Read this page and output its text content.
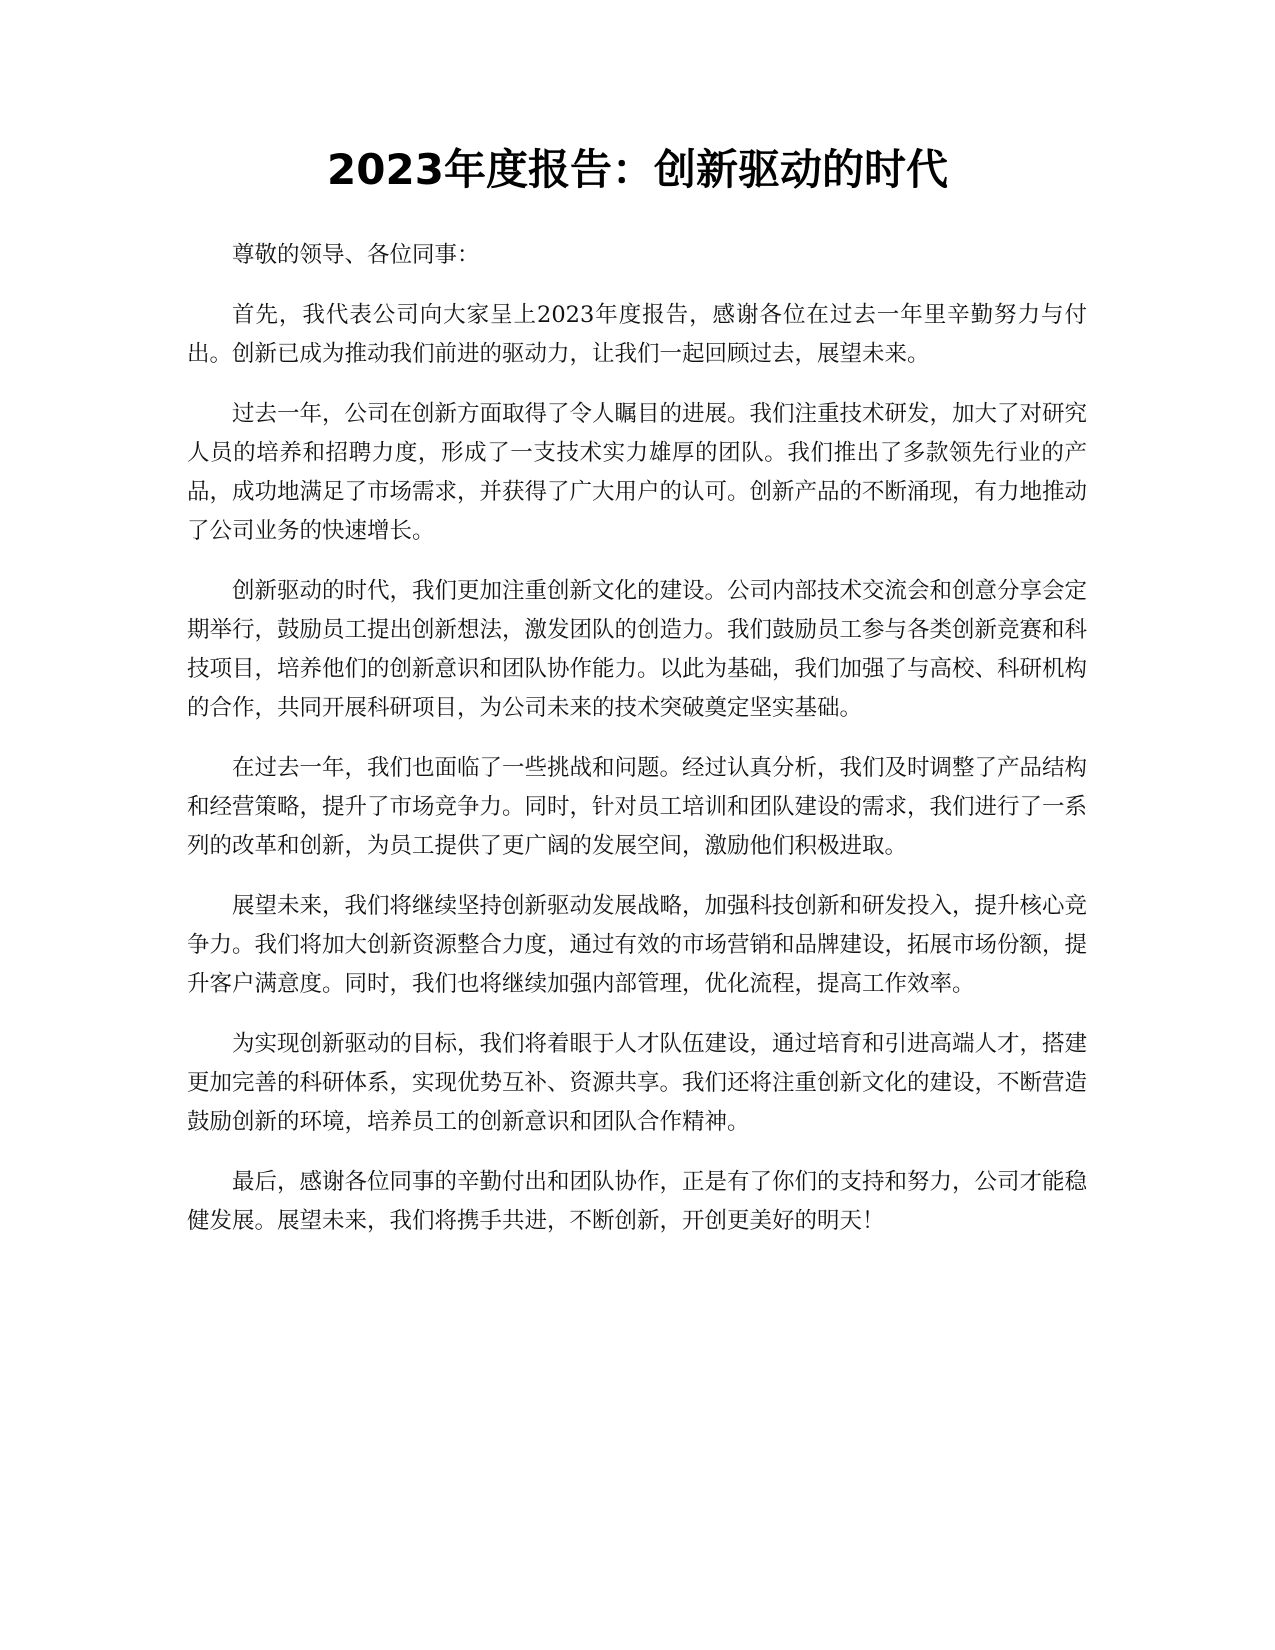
2023年度报告：创新驱动的时代

尊敬的领导、各位同事：

首先，我代表公司向大家呈上2023年度报告，感谢各位在过去一年里辛勤努力与付出。创新已成为推动我们前进的驱动力，让我们一起回顾过去，展望未来。

过去一年，公司在创新方面取得了令人瞩目的进展。我们注重技术研发，加大了对研究人员的培养和招聘力度，形成了一支技术实力雄厚的团队。我们推出了多款领先行业的产品，成功地满足了市场需求，并获得了广大用户的认可。创新产品的不断涌现，有力地推动了公司业务的快速增长。

创新驱动的时代，我们更加注重创新文化的建设。公司内部技术交流会和创意分享会定期举行，鼓励员工提出创新想法，激发团队的创造力。我们鼓励员工参与各类创新竞赛和科技项目，培养他们的创新意识和团队协作能力。以此为基础，我们加强了与高校、科研机构的合作，共同开展科研项目，为公司未来的技术突破奠定坚实基础。

在过去一年，我们也面临了一些挑战和问题。经过认真分析，我们及时调整了产品结构和经营策略，提升了市场竞争力。同时，针对员工培训和团队建设的需求，我们进行了一系列的改革和创新，为员工提供了更广阔的发展空间，激励他们积极进取。

展望未来，我们将继续坚持创新驱动发展战略，加强科技创新和研发投入，提升核心竞争力。我们将加大创新资源整合力度，通过有效的市场营销和品牌建设，拓展市场份额，提升客户满意度。同时，我们也将继续加强内部管理，优化流程，提高工作效率。

为实现创新驱动的目标，我们将着眼于人才队伍建设，通过培育和引进高端人才，搭建更加完善的科研体系，实现优势互补、资源共享。我们还将注重创新文化的建设，不断营造鼓励创新的环境，培养员工的创新意识和团队合作精神。

最后，感谢各位同事的辛勤付出和团队协作，正是有了你们的支持和努力，公司才能稳健发展。展望未来，我们将携手共进，不断创新，开创更美好的明天！
